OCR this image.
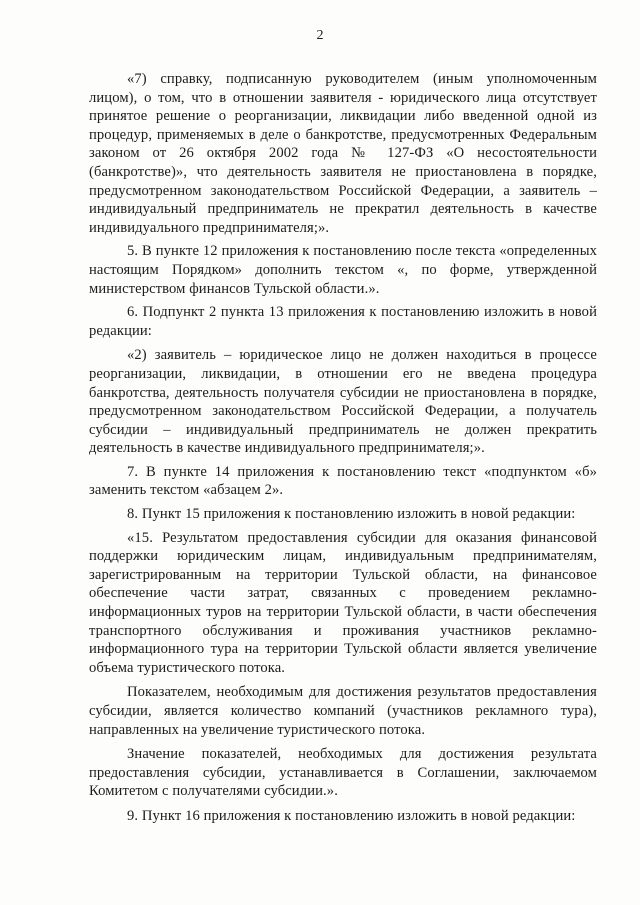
2

«7) справку, подписанную руководителем (иным уполномоченным лицом), о том, что в отношении заявителя - юридического лица отсутствует принятое решение о реорганизации, ликвидации либо введенной одной из процедур, применяемых в деле о банкротстве, предусмотренных Федеральным законом от 26 октября 2002 года № 127-ФЗ «О несостоятельности (банкротстве)», что деятельность заявителя не приостановлена в порядке, предусмотренном законодательством Российской Федерации, а заявитель – индивидуальный предприниматель не прекратил деятельность в качестве индивидуального предпринимателя;».

5. В пункте 12 приложения к постановлению после текста «определенных настоящим Порядком» дополнить текстом «, по форме, утвержденной министерством финансов Тульской области.».

6. Подпункт 2 пункта 13 приложения к постановлению изложить в новой редакции:

«2) заявитель – юридическое лицо не должен находиться в процессе реорганизации, ликвидации, в отношении его не введена процедура банкротства, деятельность получателя субсидии не приостановлена в порядке, предусмотренном законодательством Российской Федерации, а получатель субсидии – индивидуальный предприниматель не должен прекратить деятельность в качестве индивидуального предпринимателя;».

7. В пункте 14 приложения к постановлению текст «подпунктом «б» заменить текстом «абзацем 2».

8. Пункт 15 приложения к постановлению изложить в новой редакции:

«15. Результатом предоставления субсидии для оказания финансовой поддержки юридическим лицам, индивидуальным предпринимателям, зарегистрированным на территории Тульской области, на финансовое обеспечение части затрат, связанных с проведением рекламно-информационных туров на территории Тульской области, в части обеспечения транспортного обслуживания и проживания участников рекламно-информационного тура на территории Тульской области является увеличение объема туристического потока.

Показателем, необходимым для достижения результатов предоставления субсидии, является количество компаний (участников рекламного тура), направленных на увеличение туристического потока.

Значение показателей, необходимых для достижения результата предоставления субсидии, устанавливается в Соглашении, заключаемом Комитетом с получателями субсидии.».

9. Пункт 16 приложения к постановлению изложить в новой редакции:
